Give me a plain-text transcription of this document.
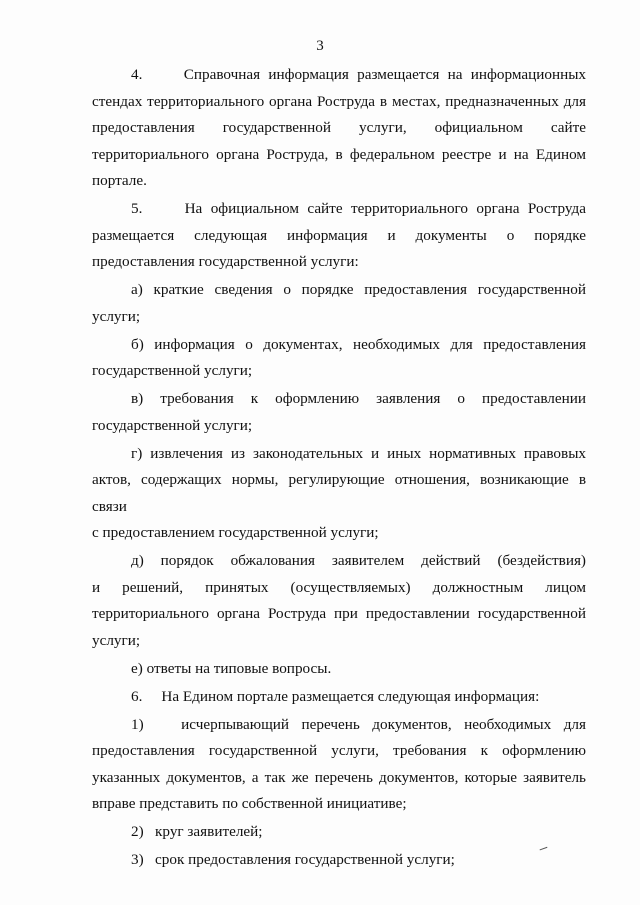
3
4.     Справочная информация размещается на информационных
стендах территориального органа Роструда в местах, предназначенных для
предоставления государственной услуги, официальном сайте
территориального органа Роструда, в федеральном реестре и на Едином
портале.
5.     На официальном сайте территориального органа Роструда
размещается следующая информация и документы о порядке
предоставления государственной услуги:
а) краткие сведения о порядке предоставления государственной
услуги;
б) информация о документах, необходимых для предоставления
государственной услуги;
в) требования к оформлению заявления о предоставлении
государственной услуги;
г) извлечения из законодательных и иных нормативных правовых
актов, содержащих нормы, регулирующие отношения, возникающие в связи
с предоставлением государственной услуги;
д) порядок обжалования заявителем действий (бездействия)
и решений, принятых (осуществляемых) должностным лицом
территориального органа Роструда при предоставлении государственной
услуги;
е) ответы на типовые вопросы.
6.     На Едином портале размещается следующая информация:
1)   исчерпывающий перечень документов, необходимых для
предоставления государственной услуги, требования к оформлению
указанных документов, а так же перечень документов, которые заявитель
вправе представить по собственной инициативе;
2)   круг заявителей;
3)   срок предоставления государственной услуги;
